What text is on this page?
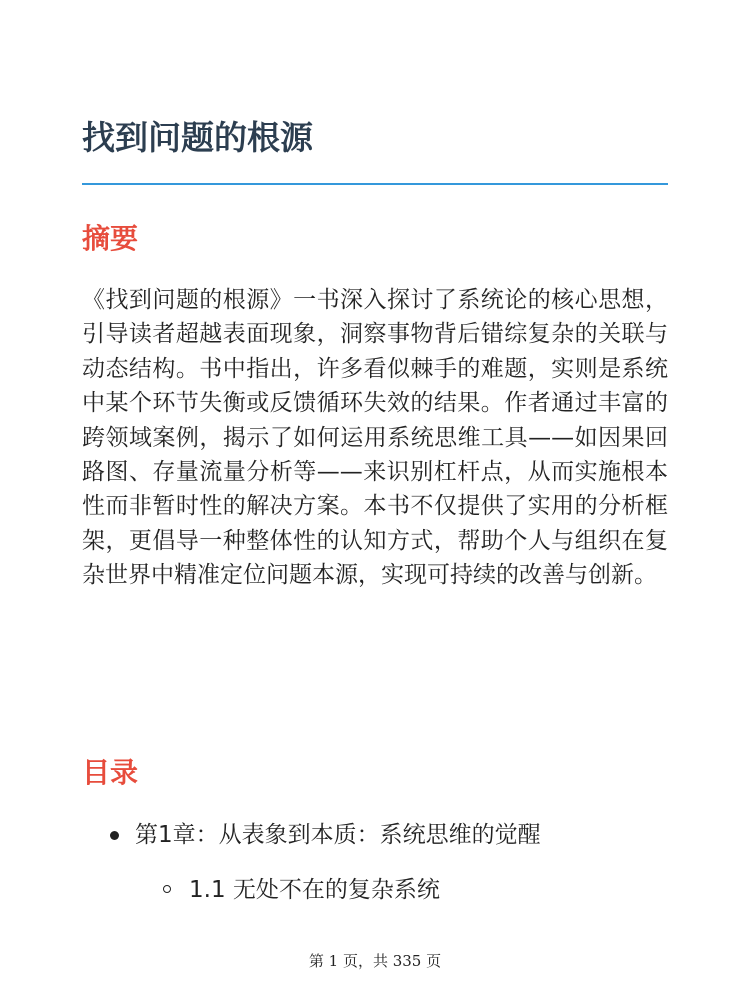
找到问题的根源
摘要

《找到问题的根源》一书深入探讨了系统论的核心思想，引导读者超越表面现象，洞察事物背后错综复杂的关联与动态结构。书中指出，许多看似棘手的难题，实则是系统中某个环节失衡或反馈循环失效的结果。作者通过丰富的跨领域案例，揭示了如何运用系统思维工具——如因果回路图、存量流量分析等——来识别杠杆点，从而实施根本性而非暂时性的解决方案。本书不仅提供了实用的分析框架，更倡导一种整体性的认知方式，帮助个人与组织在复杂世界中精准定位问题本源，实现可持续的改善与创新。

目录
第1章：从表象到本质：系统思维的觉醒
1.1 无处不在的复杂系统
第 1 页，共 335 页
